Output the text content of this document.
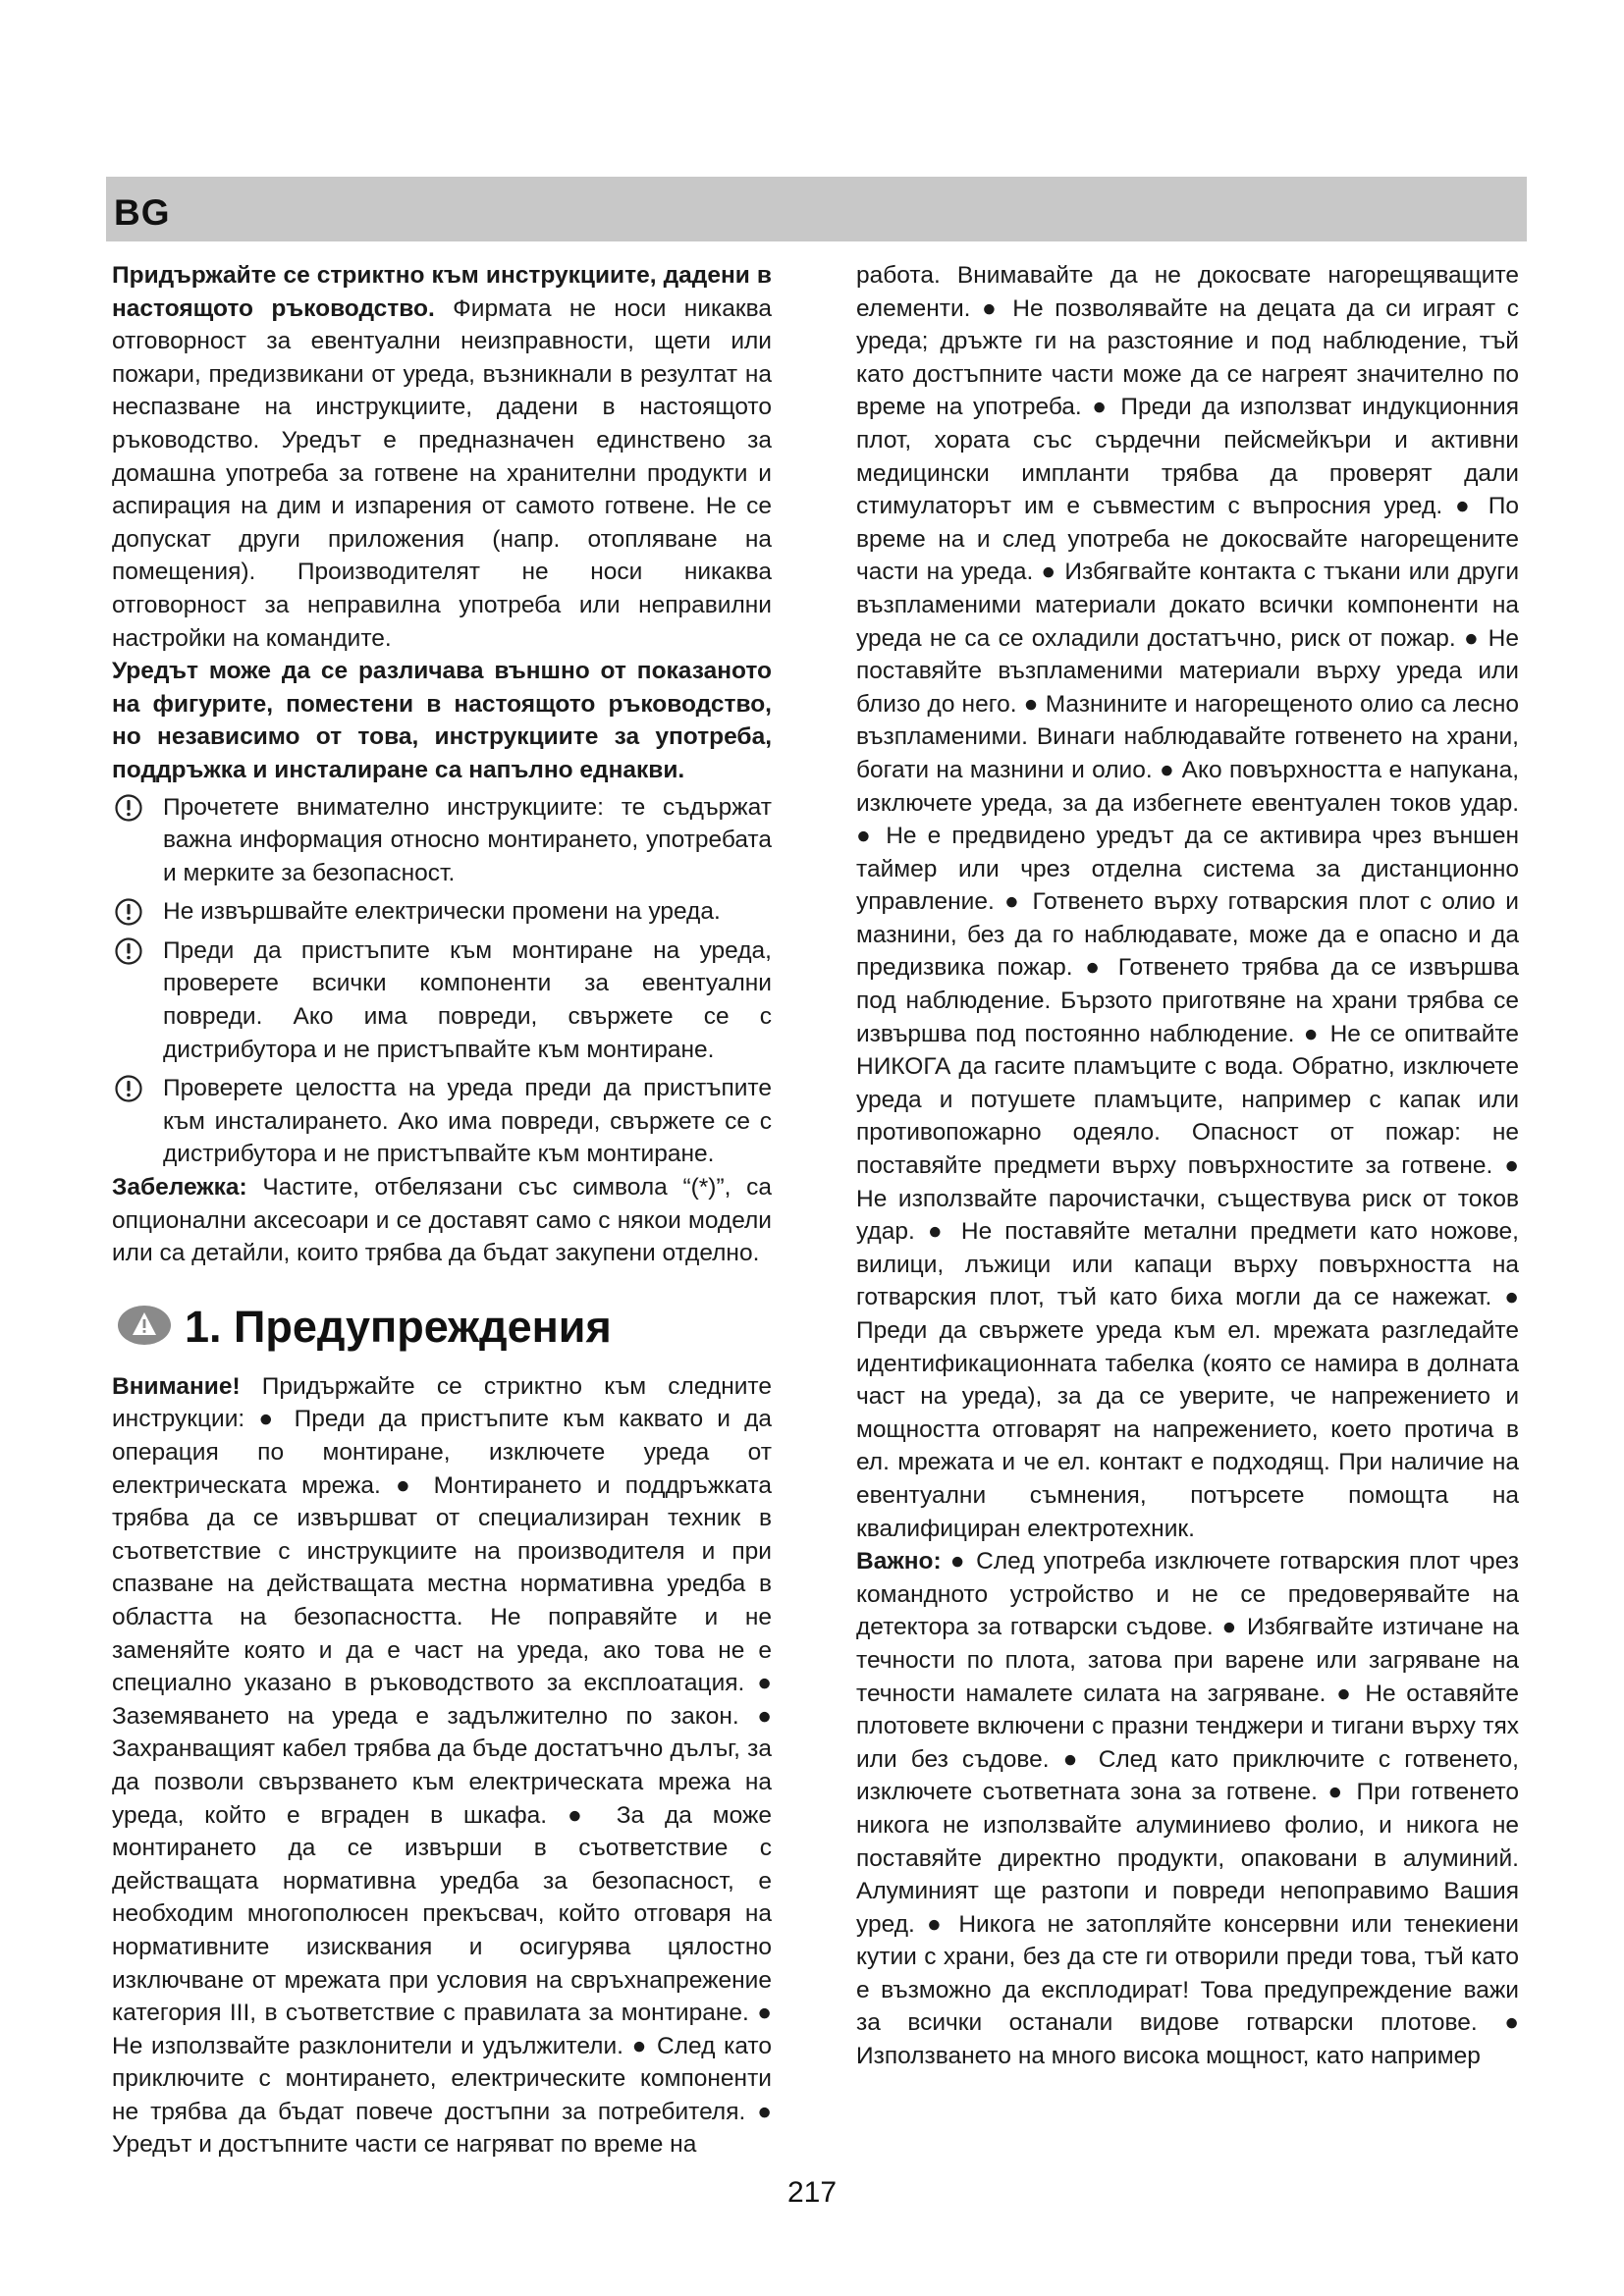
BG

Придържайте се стриктно към инструкциите, дадени в настоящото ръководство. Фирмата не носи никаква отговорност за евентуални неизправности, щети или пожари, предизвикани от уреда, възникнали в резултат на неспазване на инструкциите, дадени в настоящото ръководство. Уредът е предназначен единствено за домашна употреба за готвене на хранителни продукти и аспирация на дим и изпарения от самото готвене. Не се допускат други приложения (напр. отопляване на помещения). Производителят не носи никаква отговорност за неправилна употреба или неправилни настройки на командите.

Уредът може да се различава външно от показаното на фигурите, поместени в настоящото ръководство, но независимо от това, инструкциите за употреба, поддръжка и инсталиране са напълно еднакви.

Прочетете внимателно инструкциите: те съдържат важна информация относно монтирането, употребата и мерките за безопасност.
Не извършвайте електрически промени на уреда.
Преди да пристъпите към монтиране на уреда, проверете всички компоненти за евентуални повреди. Ако има повреди, свържете се с дистрибутора и не пристъпвайте към монтиране.
Проверете целостта на уреда преди да пристъпите към инсталирането. Ако има повреди, свържете се с дистрибутора и не пристъпвайте към монтиране.

Забележка: Частите, отбелязани със символа “(*)”, са опционални аксесоари и се доставят само с някои модели или са детайли, които трябва да бъдат закупени отделно.

1. Предупреждения

Внимание! Придържайте се стриктно към следните инструкции: ● Преди да пристъпите към каквато и да операция по монтиране, изключете уреда от електрическата мрежа. ● Монтирането и поддръжката трябва да се извършват от специализиран техник в съответствие с инструкциите на производителя и при спазване на действащата местна нормативна уредба в областта на безопасността. Не поправяйте и не заменяйте която и да е част на уреда, ако това не е специално указано в ръководството за експлоатация. ● Заземяването на уреда е задължително по закон. ● Захранващият кабел трябва да бъде достатъчно дълъг, за да позволи свързването към електрическата мрежа на уреда, който е вграден в шкафа. ● За да може монтирането да се извърши в съответствие с действащата нормативна уредба за безопасност, е необходим многополюсен прекъсвач, който отговаря на нормативните изисквания и осигурява цялостно изключване от мрежата при условия на свръхнапрежение категория III, в съответствие с правилата за монтиране. ● Не използвайте разклонители и удължители. ● След като приключите с монтирането, електрическите компоненти не трябва да бъдат повече достъпни за потребителя. ● Уредът и достъпните части се нагряват по време на

работа. Внимавайте да не докосвате нагорещяващите елементи. ● Не позволявайте на децата да си играят с уреда; дръжте ги на разстояние и под наблюдение, тъй като достъпните части може да се нагреят значително по време на употреба. ● Преди да използват индукционния плот, хората със сърдечни пейсмейкъри и активни медицински импланти трябва да проверят дали стимулаторът им е съвместим с въпросния уред. ● По време на и след употреба не докосвайте нагорещените части на уреда. ● Избягвайте контакта с тъкани или други възпламеними материали докато всички компоненти на уреда не са се охладили достатъчно, риск от пожар. ● Не поставяйте възпламеними материали върху уреда или близо до него. ● Мазнините и нагорещеното олио са лесно възпламеними. Винаги наблюдавайте готвенето на храни, богати на мазнини и олио. ● Ако повърхността е напукана, изключете уреда, за да избегнете евентуален токов удар. ● Не е предвидено уредът да се активира чрез външен таймер или чрез отделна система за дистанционно управление. ● Готвенето върху готварския плот с олио и мазнини, без да го наблюдавате, може да е опасно и да предизвика пожар. ● Готвенето трябва да се извършва под наблюдение. Бързото приготвяне на храни трябва се извършва под постоянно наблюдение. ● Не се опитвайте НИКОГА да гасите пламъците с вода. Обратно, изключете уреда и потушете пламъците, например с капак или противопожарно одеяло. Опасност от пожар: не поставяйте предмети върху повърхностите за готвене. ● Не използвайте парочистачки, съществува риск от токов удар. ● Не поставяйте метални предмети като ножове, вилици, лъжици или капаци върху повърхността на готварския плот, тъй като биха могли да се нажежат. ● Преди да свържете уреда към ел. мрежата разгледайте идентификационната табелка (която се намира в долната част на уреда), за да се уверите, че напрежението и мощността отговарят на напрежението, което протича в ел. мрежата и че ел. контакт е подходящ. При наличие на евентуални съмнения, потърсете помощта на квалифициран електротехник.

Важно: ● След употреба изключете готварския плот чрез командното устройство и не се предоверявайте на детектора за готварски съдове. ● Избягвайте изтичане на течности по плота, затова при варене или загряване на течности намалете силата на загряване. ● Не оставяйте плотовете включени с празни тенджери и тигани върху тях или без съдове. ● След като приключите с готвенето, изключете съответната зона за готвене. ● При готвенето никога не използвайте алуминиево фолио, и никога не поставяйте директно продукти, опаковани в алуминий. Алуминият ще разтопи и повреди непоправимо Вашия уред. ● Никога не затопляйте консервни или тенекиени кутии с храни, без да сте ги отворили преди това, тъй като е възможно да експлодират! Това предупреждение важи за всички останали видове готварски плотове. ● Използването на много висока мощност, като например

217
